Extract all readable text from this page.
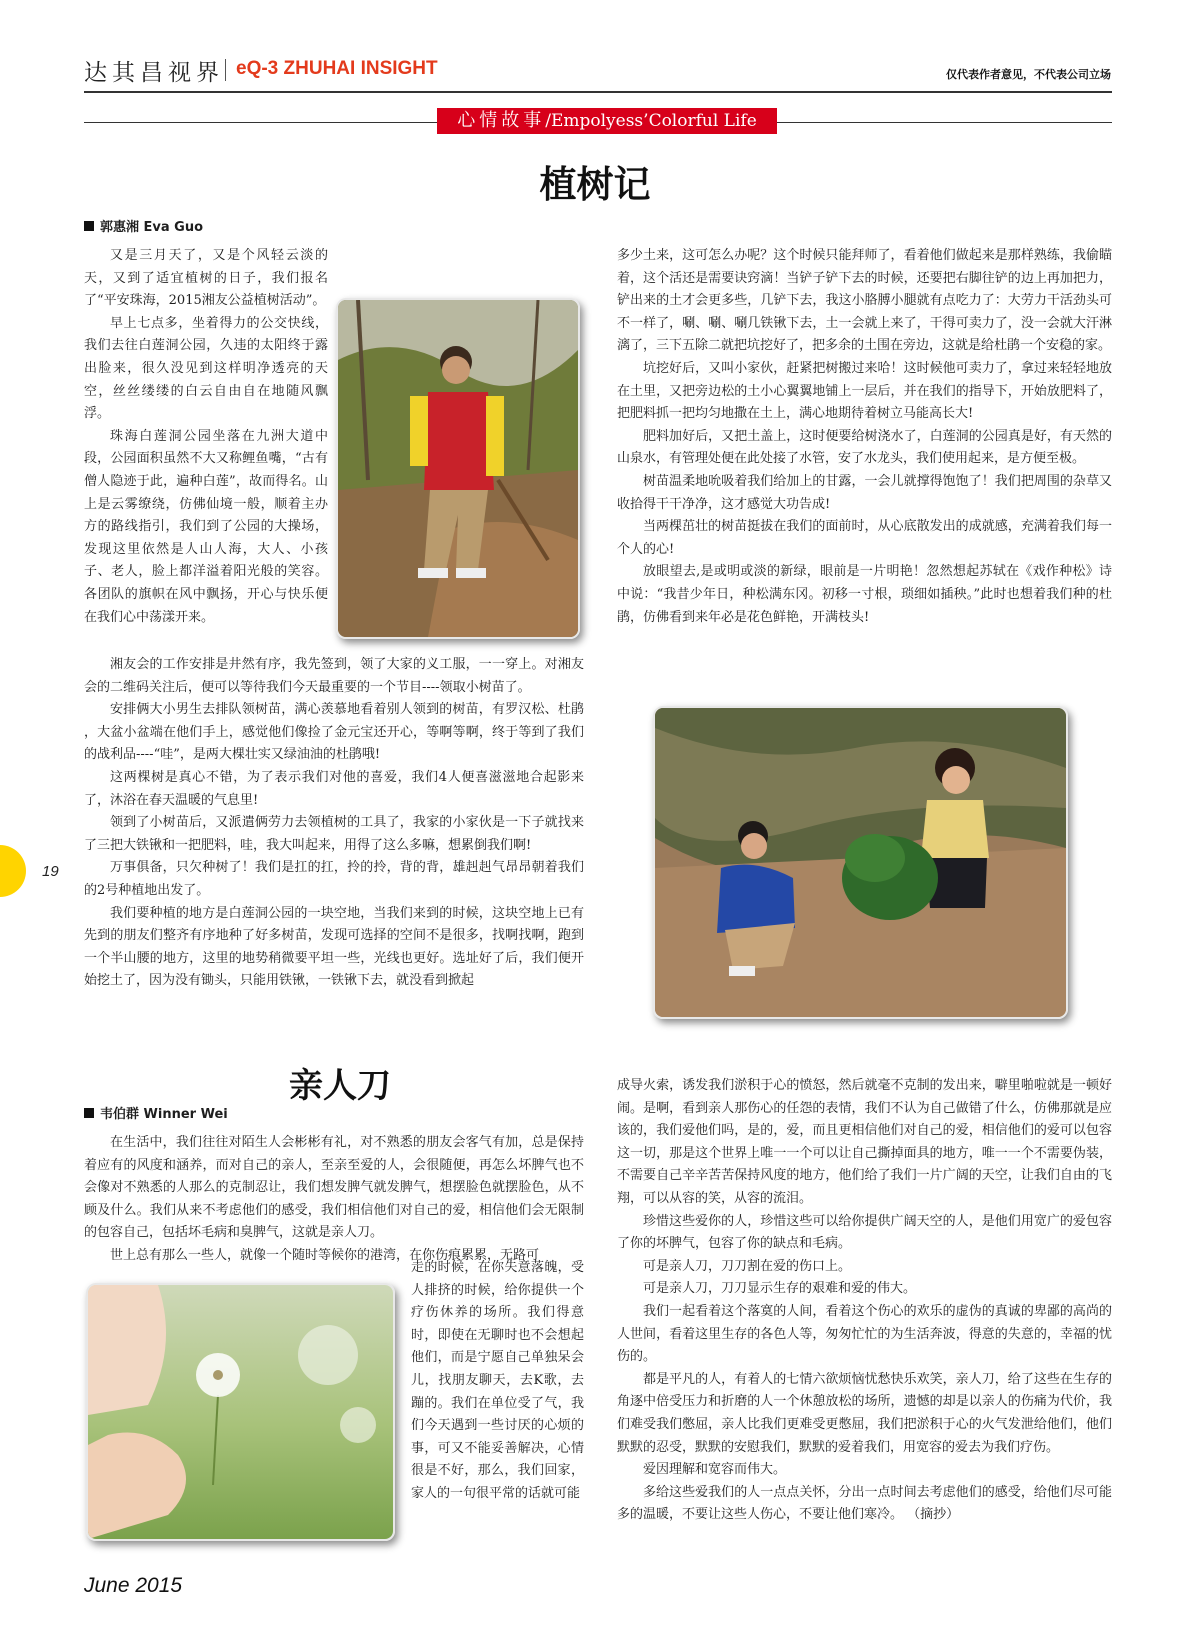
达其昌视界 eQ-3 ZHUHAI INSIGHT	仅代表作者意见，不代表公司立场
心情故事/Empolyess’Colorful Life
植树记
郭惠湘 Eva Guo

又是三月天了，又是个风轻云淡的天，又到了适宜植树的日子，我们报名了“平安珠海，2015湘友公益植树活动”。

早上七点多，坐着得力的公交快线，我们去往白莲洞公园，久违的太阳终于露出脸来，很久没见到这样明净透亮的天空，丝丝缕缕的白云自由自在地随风飘浮。

珠海白莲洞公园坐落在九洲大道中段，公园面积虽然不大又称鲤鱼嘴，“古有僧人隐迹于此，遍种白莲”，故而得名。山上是云雾缭绕，仿佛仙境一般，顺着主办方的路线指引，我们到了公园的大操场，发现这里依然是人山人海，大人、小孩子、老人，脸上都洋溢着阳光般的笑容。各团队的旗帜在风中飘扬，开心与快乐便在我们心中荡漾开来。

湘友会的工作安排是井然有序，我先签到，领了大家的义工服，一一穿上。对湘友会的二维码关注后，便可以等待我们今天最重要的一个节目----领取小树苗了。

安排俩大小男生去排队领树苗，满心羡慕地看着别人领到的树苗，有罗汉松、杜鹃 ，大盆小盆端在他们手上，感觉他们像捡了金元宝还开心，等啊等啊，终于等到了我们的战利品----“哇”，是两大棵壮实又绿油油的杜鹃哦!

这两棵树是真心不错，为了表示我们对他的喜爱，我们4人便喜滋滋地合起影来了，沐浴在春天温暖的气息里!

领到了小树苗后，又派遣俩劳力去领植树的工具了，我家的小家伙是一下子就找来了三把大铁锹和一把肥料，哇，我大叫起来，用得了这么多嘛，想累倒我们啊!

万事俱备，只欠种树了！我们是扛的扛，拎的拎，背的背，雄赳赳气昂昂朝着我们的2号种植地出发了。

我们要种植的地方是白莲洞公园的一块空地，当我们来到的时候，这块空地上已有先到的朋友们整齐有序地种了好多树苗，发现可选择的空间不是很多，找啊找啊，跑到一个半山腰的地方，这里的地势稍微要平坦一些，光线也更好。选址好了后，我们便开始挖土了，因为没有锄头，只能用铁锹，一铁锹下去，就没看到掀起

多少土来，这可怎么办呢？这个时候只能拜师了，看着他们做起来是那样熟练，我偷瞄着，这个活还是需要诀窍滴！当铲子铲下去的时候，还要把右脚往铲的边上再加把力，铲出来的土才会更多些，几铲下去，我这小胳膊小腿就有点吃力了：大劳力干活劲头可不一样了，唰、唰、唰几铁锹下去，土一会就上来了，干得可卖力了，没一会就大汗淋漓了，三下五除二就把坑挖好了，把多余的土围在旁边，这就是给杜鹃一个安稳的家。

坑挖好后，又叫小家伙，赶紧把树搬过来哈！这时候他可卖力了，拿过来轻轻地放在土里，又把旁边松的土小心翼翼地铺上一层后，并在我们的指导下，开始放肥料了，把肥料抓一把均匀地撒在土上，满心地期待着树立马能高长大!

肥料加好后，又把土盖上，这时便要给树浇水了，白莲洞的公园真是好，有天然的山泉水，有管理处便在此处接了水管，安了水龙头，我们使用起来，是方便至极。

树苗温柔地吮吸着我们给加上的甘露，一会儿就撑得饱饱了！我们把周围的杂草又收拾得干干净净，这才感觉大功告成!

当两棵茁壮的树苗挺拔在我们的面前时，从心底散发出的成就感，充满着我们每一个人的心!

放眼望去,是或明或淡的新绿，眼前是一片明艳！忽然想起苏轼在《戏作种松》诗中说：“我昔少年日，种松满东冈。初移一寸根，琐细如插秧。”此时也想着我们种的杜鹃，仿佛看到来年必是花色鲜艳，开满枝头!

亲人刀
韦伯群 Winner Wei

在生活中，我们往往对陌生人会彬彬有礼，对不熟悉的朋友会客气有加，总是保持着应有的风度和涵养，而对自己的亲人，至亲至爱的人，会很随便，再怎么坏脾气也不会像对不熟悉的人那么的克制忍让，我们想发脾气就发脾气，想摆脸色就摆脸色，从不顾及什么。我们从来不考虑他们的感受，我们相信他们对自己的爱，相信他们会无限制的包容自己，包括坏毛病和臭脾气，这就是亲人刀。

世上总有那么一些人，就像一个随时等候你的港湾，在你伤痕累累，无路可

走的时候，在你失意落魄，受人排挤的时候，给你提供一个疗伤休养的场所。我们得意时，即使在无聊时也不会想起他们，而是宁愿自己单独呆会儿，找朋友聊天，去K歌，去蹦的。我们在单位受了气，我们今天遇到一些讨厌的心烦的事，可又不能妥善解决，心情很是不好，那么，我们回家，家人的一句很平常的话就可能

成导火索，诱发我们淤积于心的愤怒，然后就毫不克制的发出来，噼里啪啦就是一顿好闹。是啊，看到亲人那伤心的任怨的表情，我们不认为自己做错了什么，仿佛那就是应该的，我们爱他们吗，是的，爱，而且更相信他们对自己的爱，相信他们的爱可以包容这一切，那是这个世界上唯一一个可以让自己撕掉面具的地方，唯一一个不需要伪装，不需要自己辛辛苦苦保持风度的地方，他们给了我们一片广阔的天空，让我们自由的飞翔，可以从容的笑，从容的流泪。

珍惜这些爱你的人，珍惜这些可以给你提供广阔天空的人，是他们用宽广的爱包容了你的坏脾气，包容了你的缺点和毛病。

可是亲人刀，刀刀割在爱的伤口上。

可是亲人刀，刀刀显示生存的艰难和爱的伟大。

我们一起看着这个落寞的人间，看着这个伤心的欢乐的虚伪的真诚的卑鄙的高尚的人世间，看着这里生存的各色人等，匆匆忙忙的为生活奔波，得意的失意的，幸福的忧伤的。

都是平凡的人，有着人的七情六欲烦恼忧愁快乐欢笑，亲人刀，给了这些在生存的角逐中倍受压力和折磨的人一个休憩放松的场所，遗憾的却是以亲人的伤痛为代价，我们难受我们憋屈，亲人比我们更难受更憋屈，我们把淤积于心的火气发泄给他们，他们默默的忍受，默默的安慰我们，默默的爱着我们，用宽容的爱去为我们疗伤。

爱因理解和宽容而伟大。

多给这些爱我们的人一点点关怀，分出一点时间去考虑他们的感受，给他们尽可能多的温暖，不要让这些人伤心，不要让他们寒冷。 （摘抄）

19
June 2015
